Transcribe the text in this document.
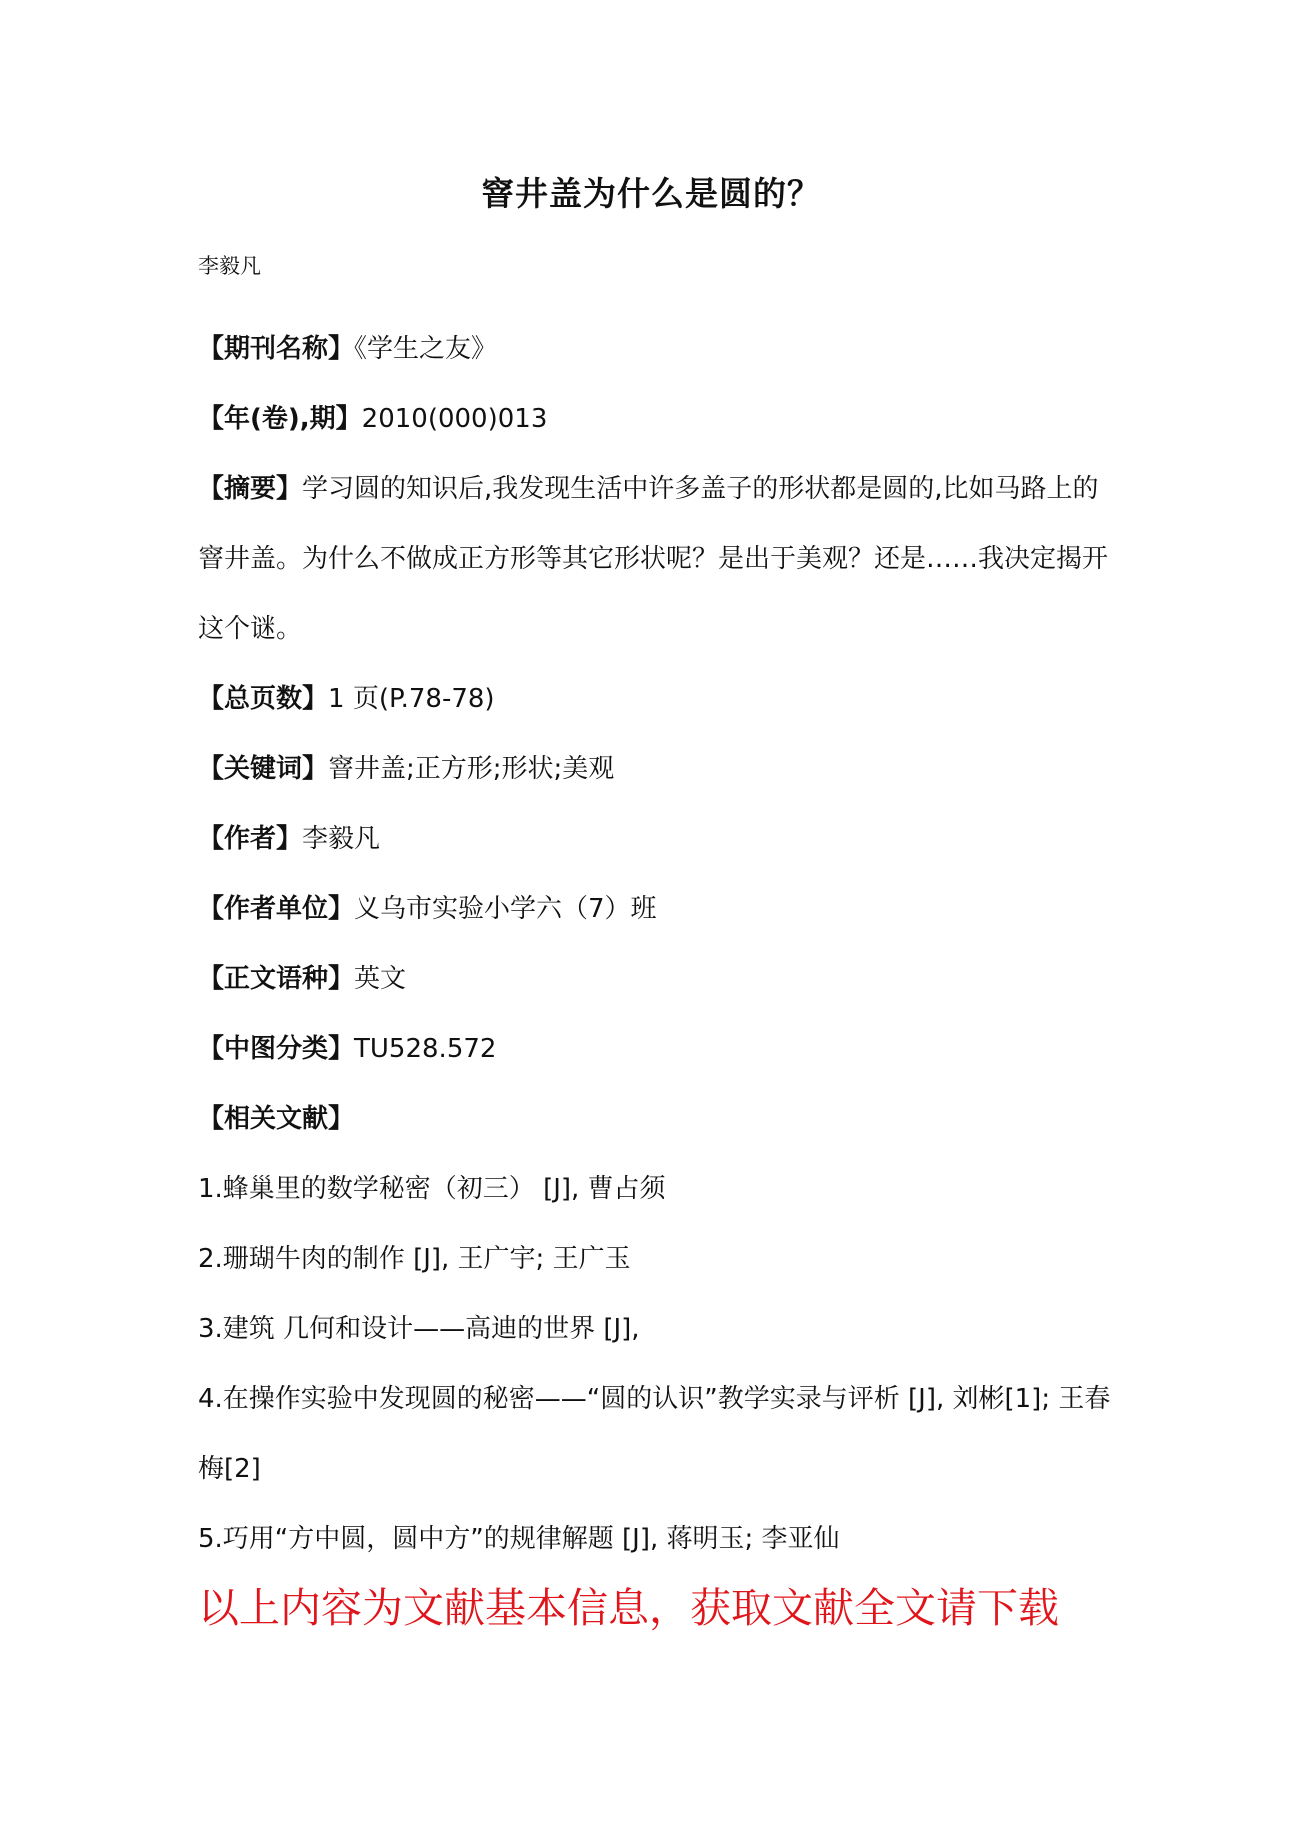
窨井盖为什么是圆的？
李毅凡

【期刊名称】《学生之友》

【年(卷),期】2010(000)013

【摘要】学习圆的知识后,我发现生活中许多盖子的形状都是圆的,比如马路上的窨井盖。为什么不做成正方形等其它形状呢？是出于美观？还是……我决定揭开这个谜。

【总页数】1 页(P.78-78)

【关键词】窨井盖;正方形;形状;美观

【作者】李毅凡

【作者单位】义乌市实验小学六（7）班

【正文语种】英文

【中图分类】TU528.572

【相关文献】

1.蜂巢里的数学秘密（初三） [J], 曹占须
2.珊瑚牛肉的制作 [J], 王广宇; 王广玉
3.建筑 几何和设计——高迪的世界 [J],
4.在操作实验中发现圆的秘密——“圆的认识”教学实录与评析 [J], 刘彬[1]; 王春梅[2]
5.巧用“方中圆，圆中方”的规律解题 [J], 蒋明玉; 李亚仙
以上内容为文献基本信息，获取文献全文请下载
